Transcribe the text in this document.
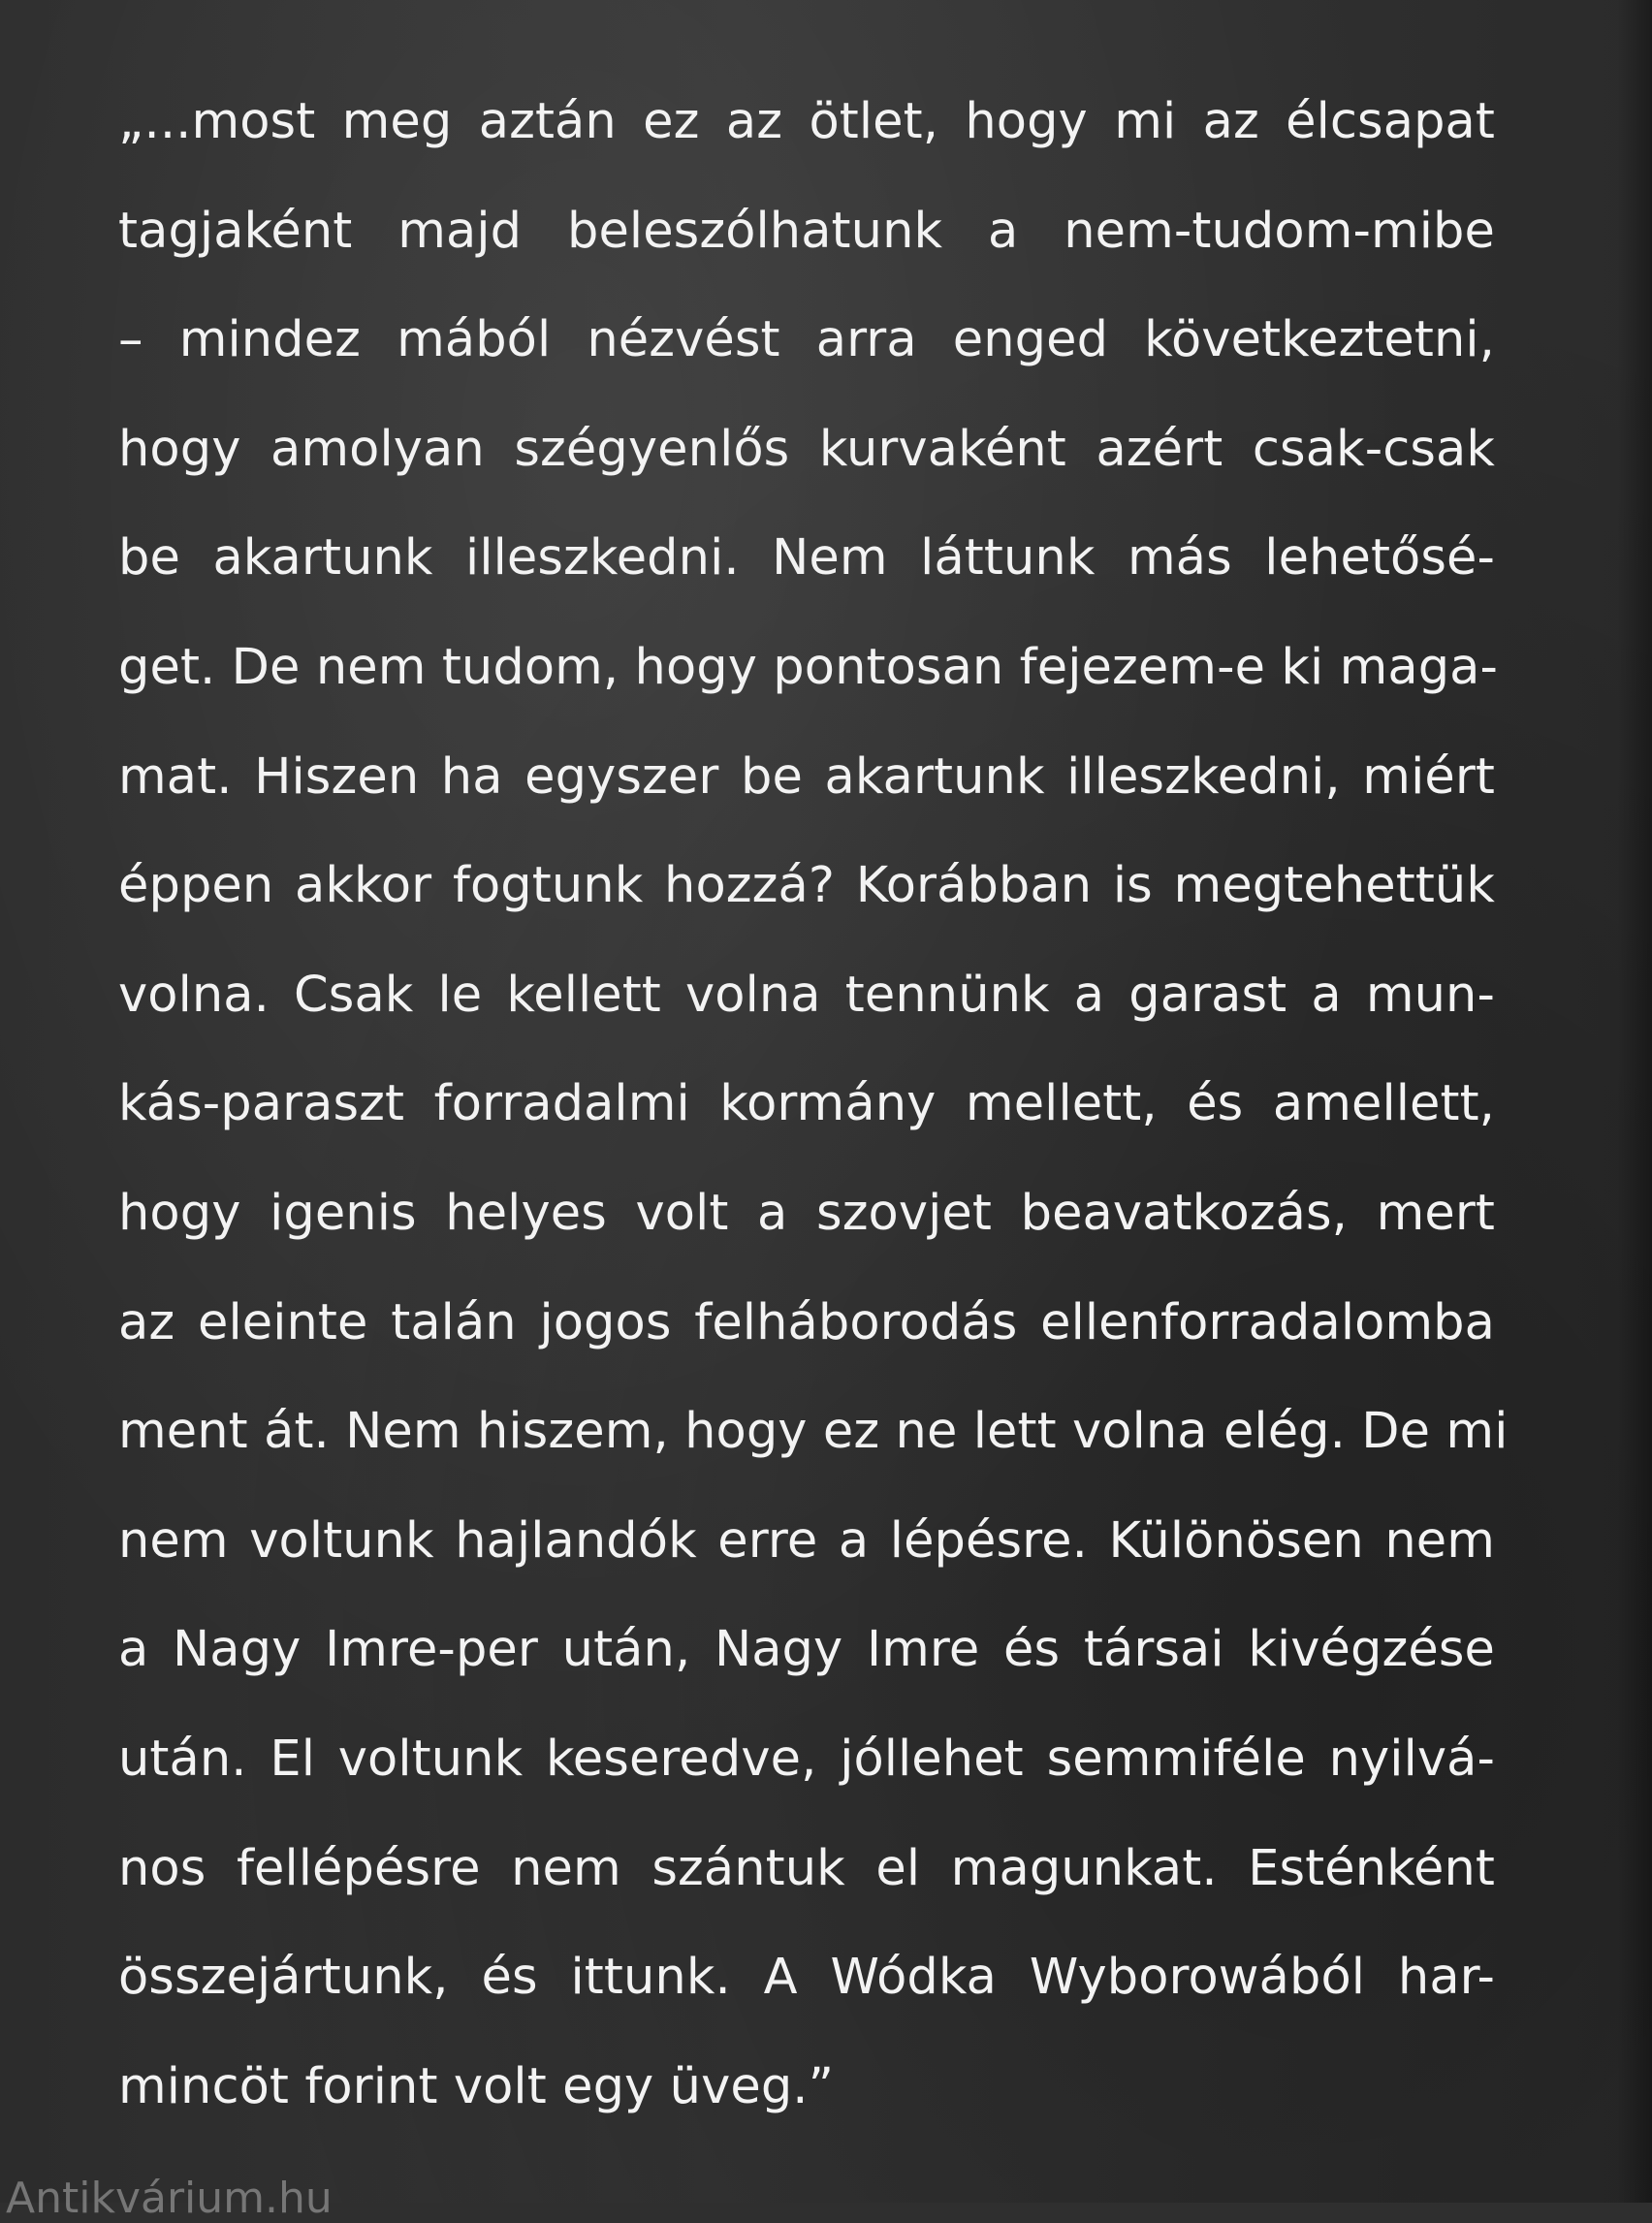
„...most meg aztán ez az ötlet, hogy mi az élcsapat
tagjaként majd beleszólhatunk a nem-tudom-mibe
– mindez mából nézvést arra enged következtetni,
hogy amolyan szégyenlős kurvaként azért csak-csak
be akartunk illeszkedni. Nem láttunk más lehetősé-
get. De nem tudom, hogy pontosan fejezem-e ki maga-
mat. Hiszen ha egyszer be akartunk illeszkedni, miért
éppen akkor fogtunk hozzá? Korábban is megtehettük
volna. Csak le kellett volna tennünk a garast a mun-
kás-paraszt forradalmi kormány mellett, és amellett,
hogy igenis helyes volt a szovjet beavatkozás, mert
az eleinte talán jogos felháborodás ellenforradalomba
ment át. Nem hiszem, hogy ez ne lett volna elég. De mi
nem voltunk hajlandók erre a lépésre. Különösen nem
a Nagy Imre-per után, Nagy Imre és társai kivégzése
után. El voltunk keseredve, jóllehet semmiféle nyilvá-
nos fellépésre nem szántuk el magunkat. Esténként
összejártunk, és ittunk. A Wódka Wyborowából har-
mincöt forint volt egy üveg.”
Antikvárium.hu
